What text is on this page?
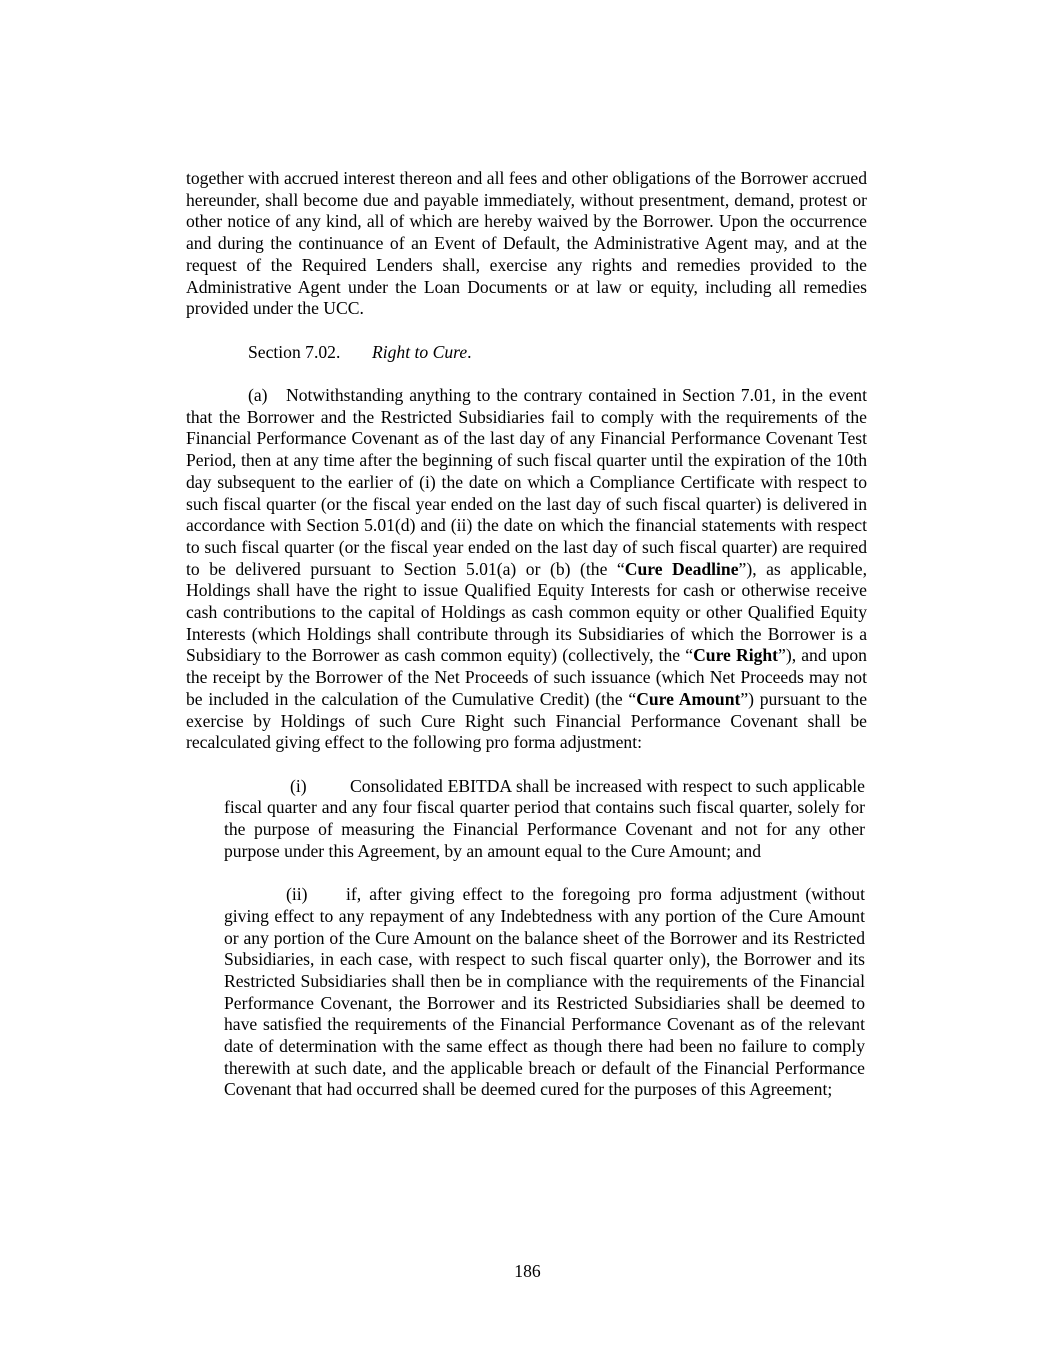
together with accrued interest thereon and all fees and other obligations of the Borrower accrued hereunder, shall become due and payable immediately, without presentment, demand, protest or other notice of any kind, all of which are hereby waived by the Borrower. Upon the occurrence and during the continuance of an Event of Default, the Administrative Agent may, and at the request of the Required Lenders shall, exercise any rights and remedies provided to the Administrative Agent under the Loan Documents or at law or equity, including all remedies provided under the UCC.

Section 7.02. Right to Cure.

(a) Notwithstanding anything to the contrary contained in Section 7.01, in the event that the Borrower and the Restricted Subsidiaries fail to comply with the requirements of the Financial Performance Covenant as of the last day of any Financial Performance Covenant Test Period, then at any time after the beginning of such fiscal quarter until the expiration of the 10th day subsequent to the earlier of (i) the date on which a Compliance Certificate with respect to such fiscal quarter (or the fiscal year ended on the last day of such fiscal quarter) is delivered in accordance with Section 5.01(d) and (ii) the date on which the financial statements with respect to such fiscal quarter (or the fiscal year ended on the last day of such fiscal quarter) are required to be delivered pursuant to Section 5.01(a) or (b) (the “Cure Deadline”), as applicable, Holdings shall have the right to issue Qualified Equity Interests for cash or otherwise receive cash contributions to the capital of Holdings as cash common equity or other Qualified Equity Interests (which Holdings shall contribute through its Subsidiaries of which the Borrower is a Subsidiary to the Borrower as cash common equity) (collectively, the “Cure Right”), and upon the receipt by the Borrower of the Net Proceeds of such issuance (which Net Proceeds may not be included in the calculation of the Cumulative Credit) (the “Cure Amount”) pursuant to the exercise by Holdings of such Cure Right such Financial Performance Covenant shall be recalculated giving effect to the following pro forma adjustment:

(i) Consolidated EBITDA shall be increased with respect to such applicable fiscal quarter and any four fiscal quarter period that contains such fiscal quarter, solely for the purpose of measuring the Financial Performance Covenant and not for any other purpose under this Agreement, by an amount equal to the Cure Amount; and

(ii) if, after giving effect to the foregoing pro forma adjustment (without giving effect to any repayment of any Indebtedness with any portion of the Cure Amount or any portion of the Cure Amount on the balance sheet of the Borrower and its Restricted Subsidiaries, in each case, with respect to such fiscal quarter only), the Borrower and its Restricted Subsidiaries shall then be in compliance with the requirements of the Financial Performance Covenant, the Borrower and its Restricted Subsidiaries shall be deemed to have satisfied the requirements of the Financial Performance Covenant as of the relevant date of determination with the same effect as though there had been no failure to comply therewith at such date, and the applicable breach or default of the Financial Performance Covenant that had occurred shall be deemed cured for the purposes of this Agreement;

186
